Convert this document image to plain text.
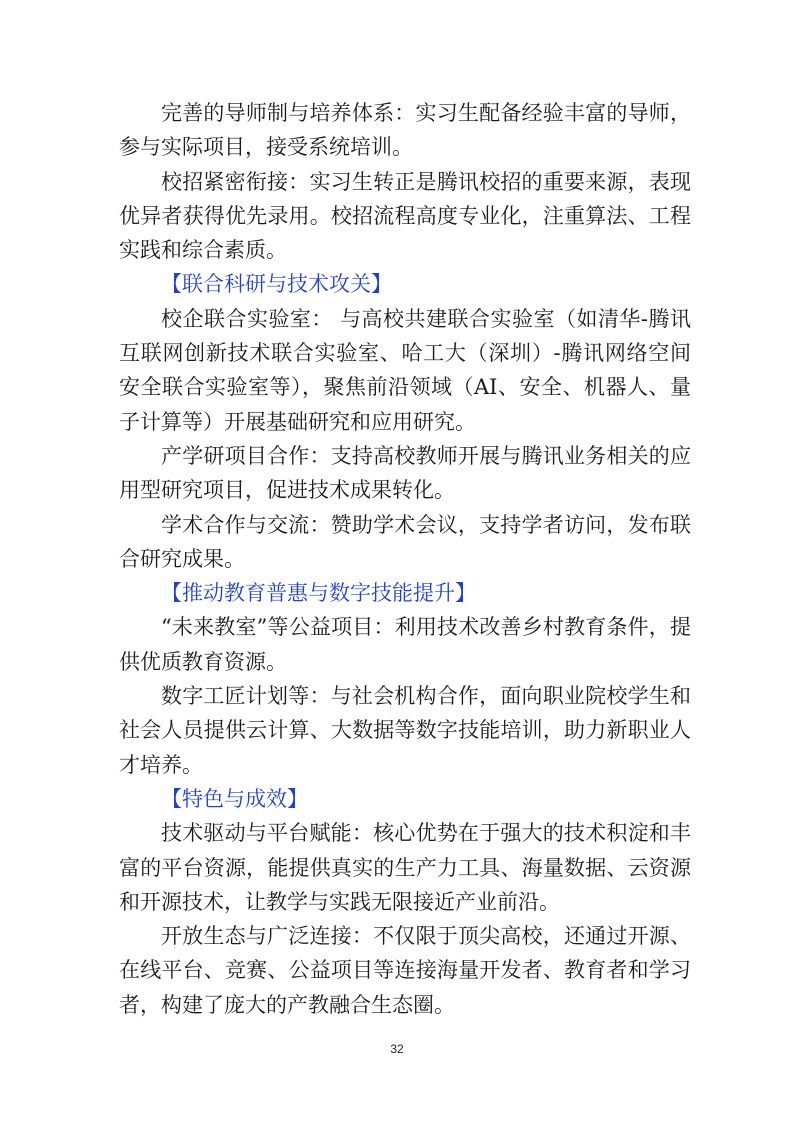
完善的导师制与培养体系：实习生配备经验丰富的导师，参与实际项目，接受系统培训。

校招紧密衔接：实习生转正是腾讯校招的重要来源，表现优异者获得优先录用。校招流程高度专业化，注重算法、工程实践和综合素质。

【联合科研与技术攻关】

校企联合实验室： 与高校共建联合实验室（如清华-腾讯互联网创新技术联合实验室、哈工大（深圳）-腾讯网络空间安全联合实验室等），聚焦前沿领域（AI、安全、机器人、量子计算等）开展基础研究和应用研究。

产学研项目合作：支持高校教师开展与腾讯业务相关的应用型研究项目，促进技术成果转化。

学术合作与交流：赞助学术会议，支持学者访问，发布联合研究成果。

【推动教育普惠与数字技能提升】

“未来教室”等公益项目：利用技术改善乡村教育条件，提供优质教育资源。

数字工匠计划等：与社会机构合作，面向职业院校学生和社会人员提供云计算、大数据等数字技能培训，助力新职业人才培养。

【特色与成效】

技术驱动与平台赋能：核心优势在于强大的技术积淀和丰富的平台资源，能提供真实的生产力工具、海量数据、云资源和开源技术，让教学与实践无限接近产业前沿。

开放生态与广泛连接：不仅限于顶尖高校，还通过开源、在线平台、竞赛、公益项目等连接海量开发者、教育者和学习者，构建了庞大的产教融合生态圈。

32
